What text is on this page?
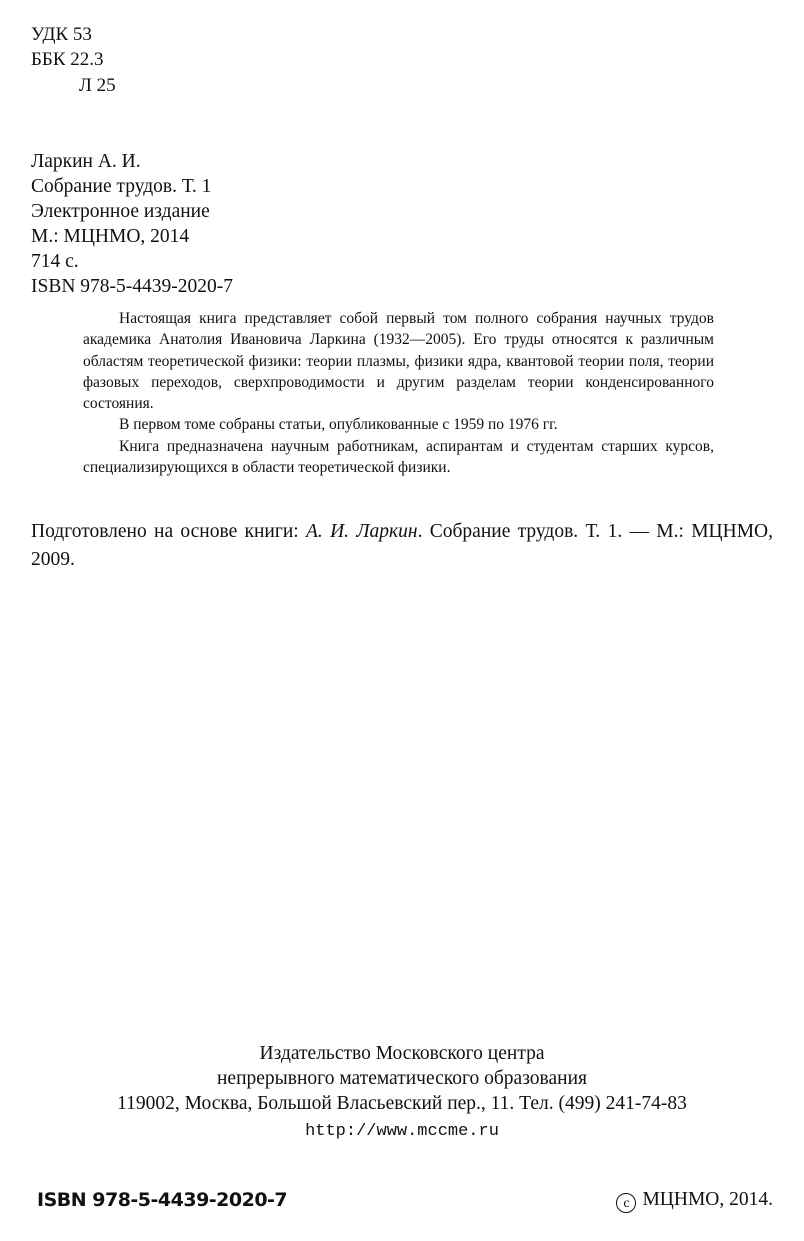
УДК 53
ББК 22.3
Л 25
Ларкин А. И.
Собрание трудов. Т. 1
Электронное издание
М.: МЦНМО, 2014
714 с.
ISBN 978-5-4439-2020-7

Настоящая книга представляет собой первый том полного собрания научных трудов академика Анатолия Ивановича Ларкина (1932—2005). Его труды относятся к различным областям теоретической физики: теории плазмы, физики ядра, квантовой теории поля, теории фазовых переходов, сверхпроводимости и другим разделам теории конденсированного состояния.

В первом томе собраны статьи, опубликованные с 1959 по 1976 гг.

Книга предназначена научным работникам, аспирантам и студентам старших курсов, специализирующихся в области теоретической физики.

Подготовлено на основе книги: А. И. Ларкин. Собрание трудов. Т. 1. — М.: МЦНМО, 2009.
Издательство Московского центра
непрерывного математического образования
119002, Москва, Большой Власьевский пер., 11. Тел. (499) 241-74-83
http://www.mccme.ru
ISBN 978-5-4439-2020-7	c МЦНМО, 2014.
